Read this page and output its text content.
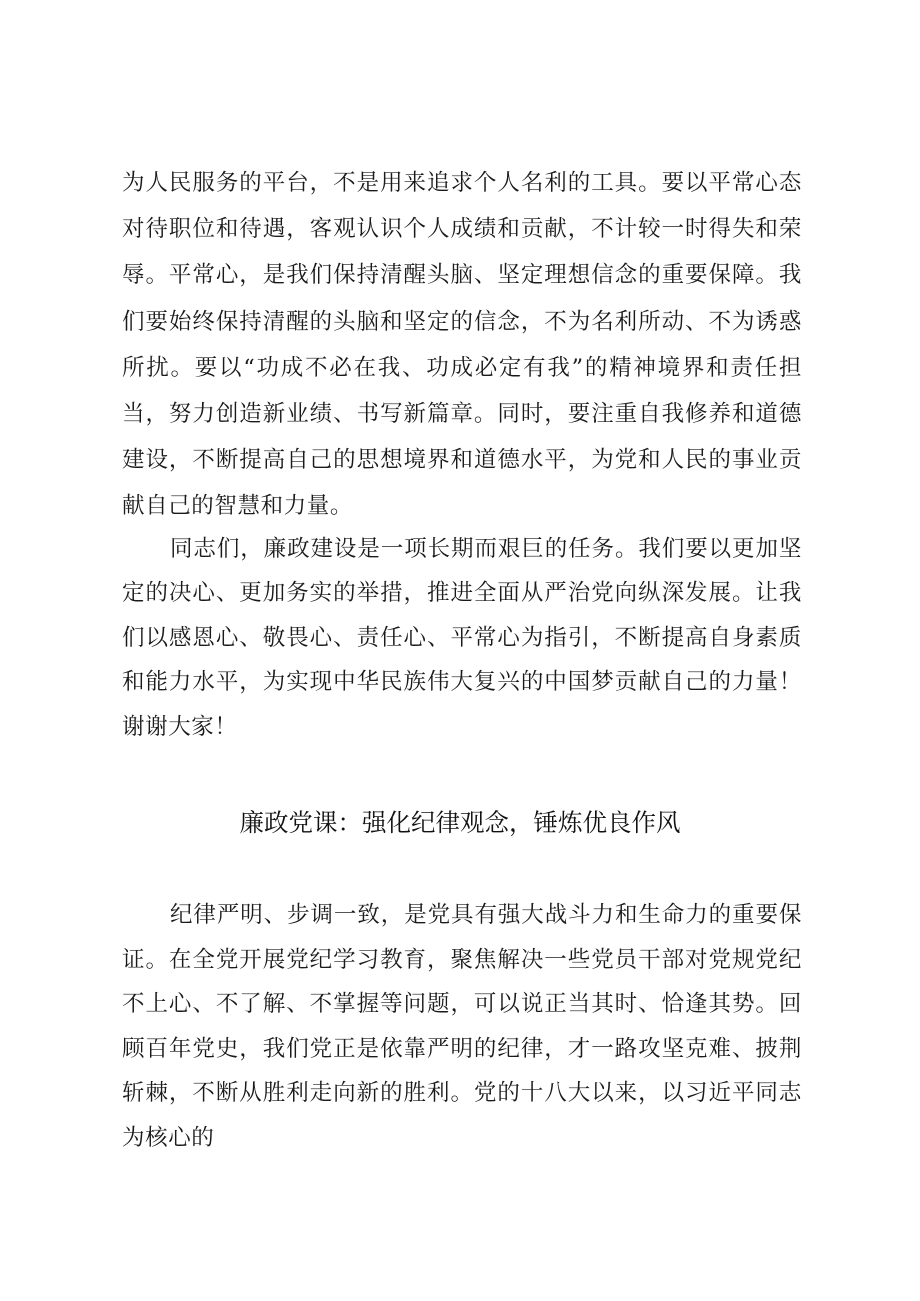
为人民服务的平台，不是用来追求个人名利的工具。要以平常心态对待职位和待遇，客观认识个人成绩和贡献，不计较一时得失和荣辱。平常心，是我们保持清醒头脑、坚定理想信念的重要保障。我们要始终保持清醒的头脑和坚定的信念，不为名利所动、不为诱惑所扰。要以“功成不必在我、功成必定有我”的精神境界和责任担当，努力创造新业绩、书写新篇章。同时，要注重自我修养和道德建设，不断提高自己的思想境界和道德水平，为党和人民的事业贡献自己的智慧和力量。

同志们，廉政建设是一项长期而艰巨的任务。我们要以更加坚定的决心、更加务实的举措，推进全面从严治党向纵深发展。让我们以感恩心、敬畏心、责任心、平常心为指引，不断提高自身素质和能力水平，为实现中华民族伟大复兴的中国梦贡献自己的力量！谢谢大家！

廉政党课：强化纪律观念，锤炼优良作风

纪律严明、步调一致，是党具有强大战斗力和生命力的重要保证。在全党开展党纪学习教育，聚焦解决一些党员干部对党规党纪不上心、不了解、不掌握等问题，可以说正当其时、恰逢其势。回顾百年党史，我们党正是依靠严明的纪律，才一路攻坚克难、披荆斩棘，不断从胜利走向新的胜利。党的十八大以来，以习近平同志为核心的
